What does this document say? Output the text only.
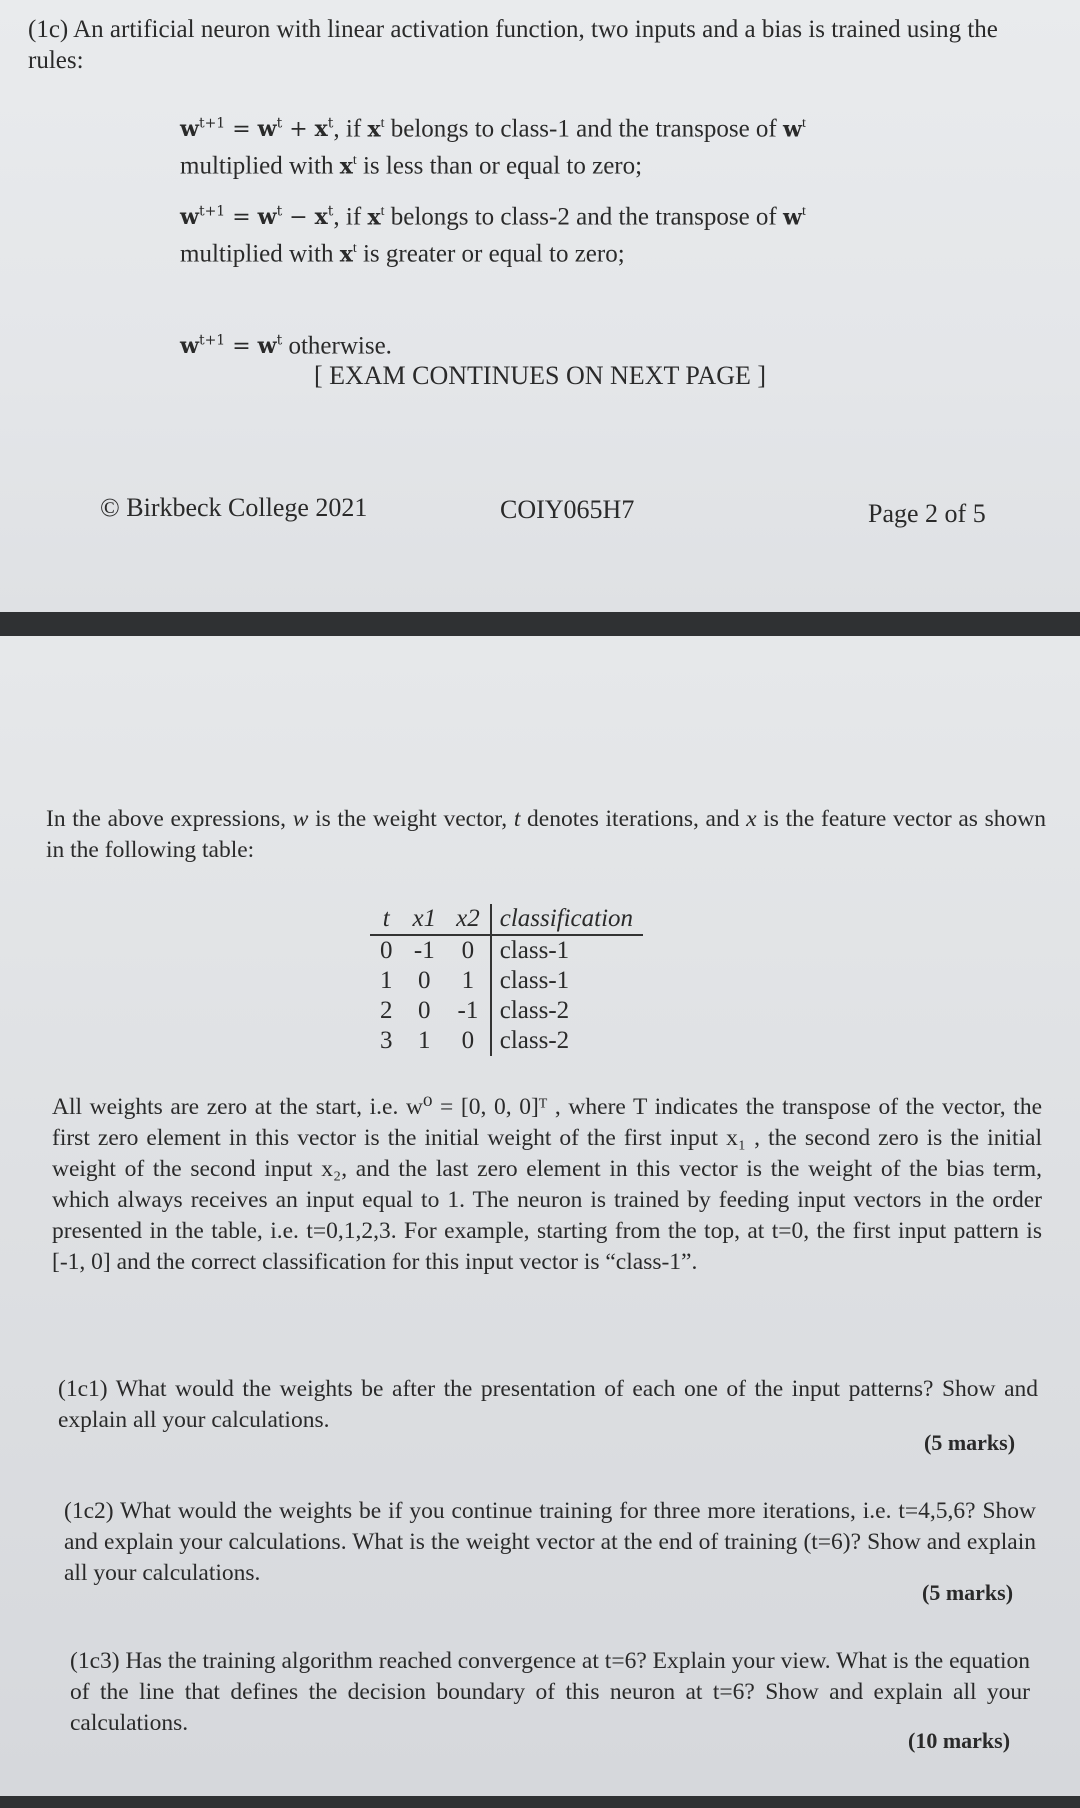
(1c) An artificial neuron with linear activation function, two inputs and a bias is trained using the rules:
$w^{t+1} = w^t + x^t$, if $x^t$ belongs to class-1 and the transpose of $w^t$
multiplied with $x^t$ is less than or equal to zero;
$w^{t+1} = w^t - x^t$, if $x^t$ belongs to class-2 and the transpose of $w^t$
multiplied with $x^t$ is greater or equal to zero;
$w^{t+1} = w^t$ otherwise.
[ EXAM CONTINUES ON NEXT PAGE ]
© Birkbeck College 2021	COIY065H7	Page 2 of 5
In the above expressions, w is the weight vector, t denotes iterations, and x is the feature vector as shown in the following table:
t	x1	x2	classification
0	-1	0	class-1
1	0	1	class-1
2	0	-1	class-2
3	1	0	class-2
All weights are zero at the start, i.e. w⁰ = [0, 0, 0]ᵀ , where T indicates the transpose of the vector, the first zero element in this vector is the initial weight of the first input x₁ , the second zero is the initial weight of the second input x₂, and the last zero element in this vector is the weight of the bias term, which always receives an input equal to 1. The neuron is trained by feeding input vectors in the order presented in the table, i.e. t=0,1,2,3. For example, starting from the top, at t=0, the first input pattern is [-1, 0] and the correct classification for this input vector is “class-1”.
(1c1) What would the weights be after the presentation of each one of the input patterns? Show and explain all your calculations.
(5 marks)
(1c2) What would the weights be if you continue training for three more iterations, i.e. t=4,5,6? Show and explain your calculations. What is the weight vector at the end of training (t=6)? Show and explain all your calculations.
(5 marks)
(1c3) Has the training algorithm reached convergence at t=6? Explain your view. What is the equation of the line that defines the decision boundary of this neuron at t=6? Show and explain all your calculations.
(10 marks)
